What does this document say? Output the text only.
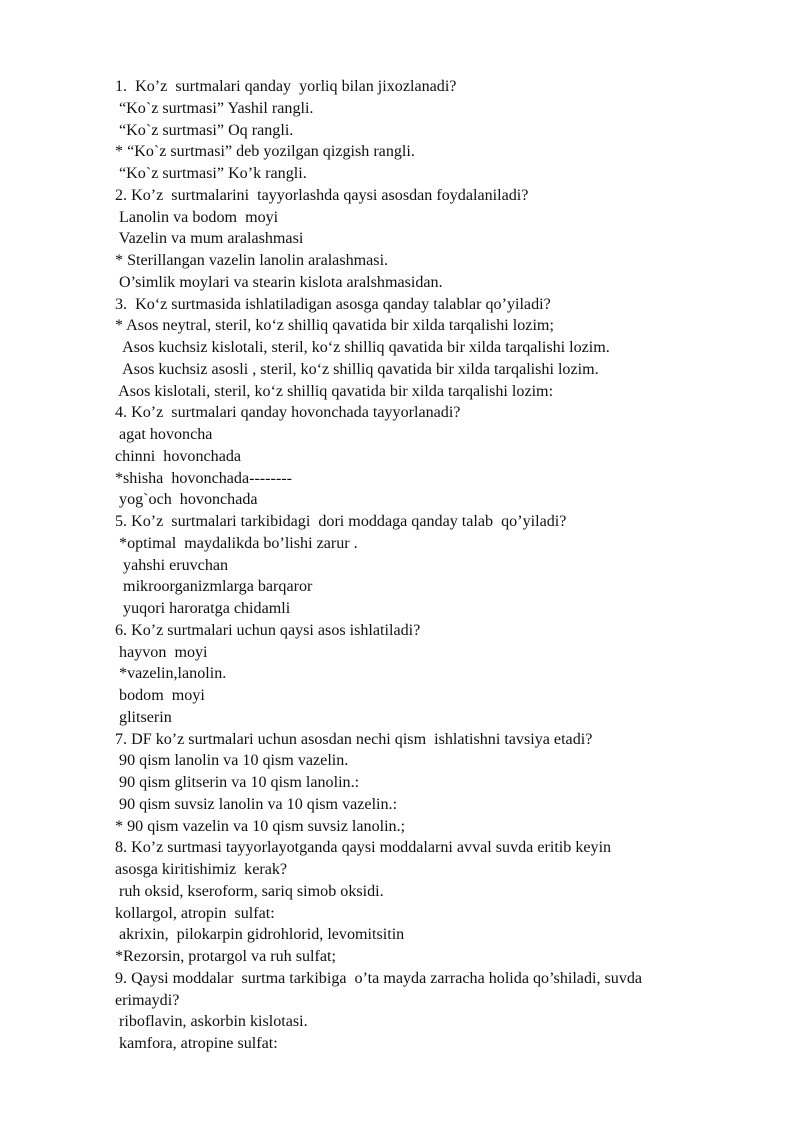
1.  Ko’z  surtmalari qanday  yorliq bilan jixozlanadi?
“Ko`z surtmasi” Yashil rangli.
“Ko`z surtmasi” Oq rangli.
* “Ko`z surtmasi” deb yozilgan qizgish rangli.
“Ko`z surtmasi” Ko’k rangli.
2. Ko’z  surtmalarini  tayyorlashda qaysi asosdan foydalaniladi?
Lanolin va bodom  moyi
Vazelin va mum aralashmasi
* Sterillangan vazelin lanolin aralashmasi.
O’simlik moylari va stearin kislota aralshmasidan.
3.  Ko‘z surtmasida ishlatiladigan asosga qanday talablar qo’yiladi?
* Asos neytral, steril, ko‘z shilliq qavatida bir xilda tarqalishi lozim;
Asos kuchsiz kislotali, steril, ko‘z shilliq qavatida bir xilda tarqalishi lozim.
Asos kuchsiz asosli , steril, ko‘z shilliq qavatida bir xilda tarqalishi lozim.
Asos kislotali, steril, ko‘z shilliq qavatida bir xilda tarqalishi lozim:
4. Ko’z  surtmalari qanday hovonchada tayyorlanadi?
agat hovoncha
chinni  hovonchada
*shisha  hovonchada--------
yog`och  hovonchada
5. Ko’z  surtmalari tarkibidagi  dori moddaga qanday talab  qo’yiladi?
*optimal  maydalikda bo’lishi zarur .
yahshi eruvchan
mikroorganizmlarga barqaror
yuqori haroratga chidamli
6. Ko’z surtmalari uchun qaysi asos ishlatiladi?
hayvon  moyi
*vazelin,lanolin.
bodom  moyi
glitserin
7. DF ko’z surtmalari uchun asosdan nechi qism  ishlatishni tavsiya etadi?
90 qism lanolin va 10 qism vazelin.
90 qism glitserin va 10 qism lanolin.:
90 qism suvsiz lanolin va 10 qism vazelin.:
* 90 qism vazelin va 10 qism suvsiz lanolin.;
8. Ko’z surtmasi tayyorlayotganda qaysi moddalarni avval suvda eritib keyin
asosga kiritishimiz  kerak?
ruh oksid, kseroform, sariq simob oksidi.
kollargol, atropin  sulfat:
akrixin,  pilokarpin gidrohlorid, levomitsitin
*Rezorsin, protargol va ruh sulfat;
9. Qaysi moddalar  surtma tarkibiga  o’ta mayda zarracha holida qo’shiladi, suvda
erimaydi?
riboflavin, askorbin kislotasi.
kamfora, atropine sulfat:
